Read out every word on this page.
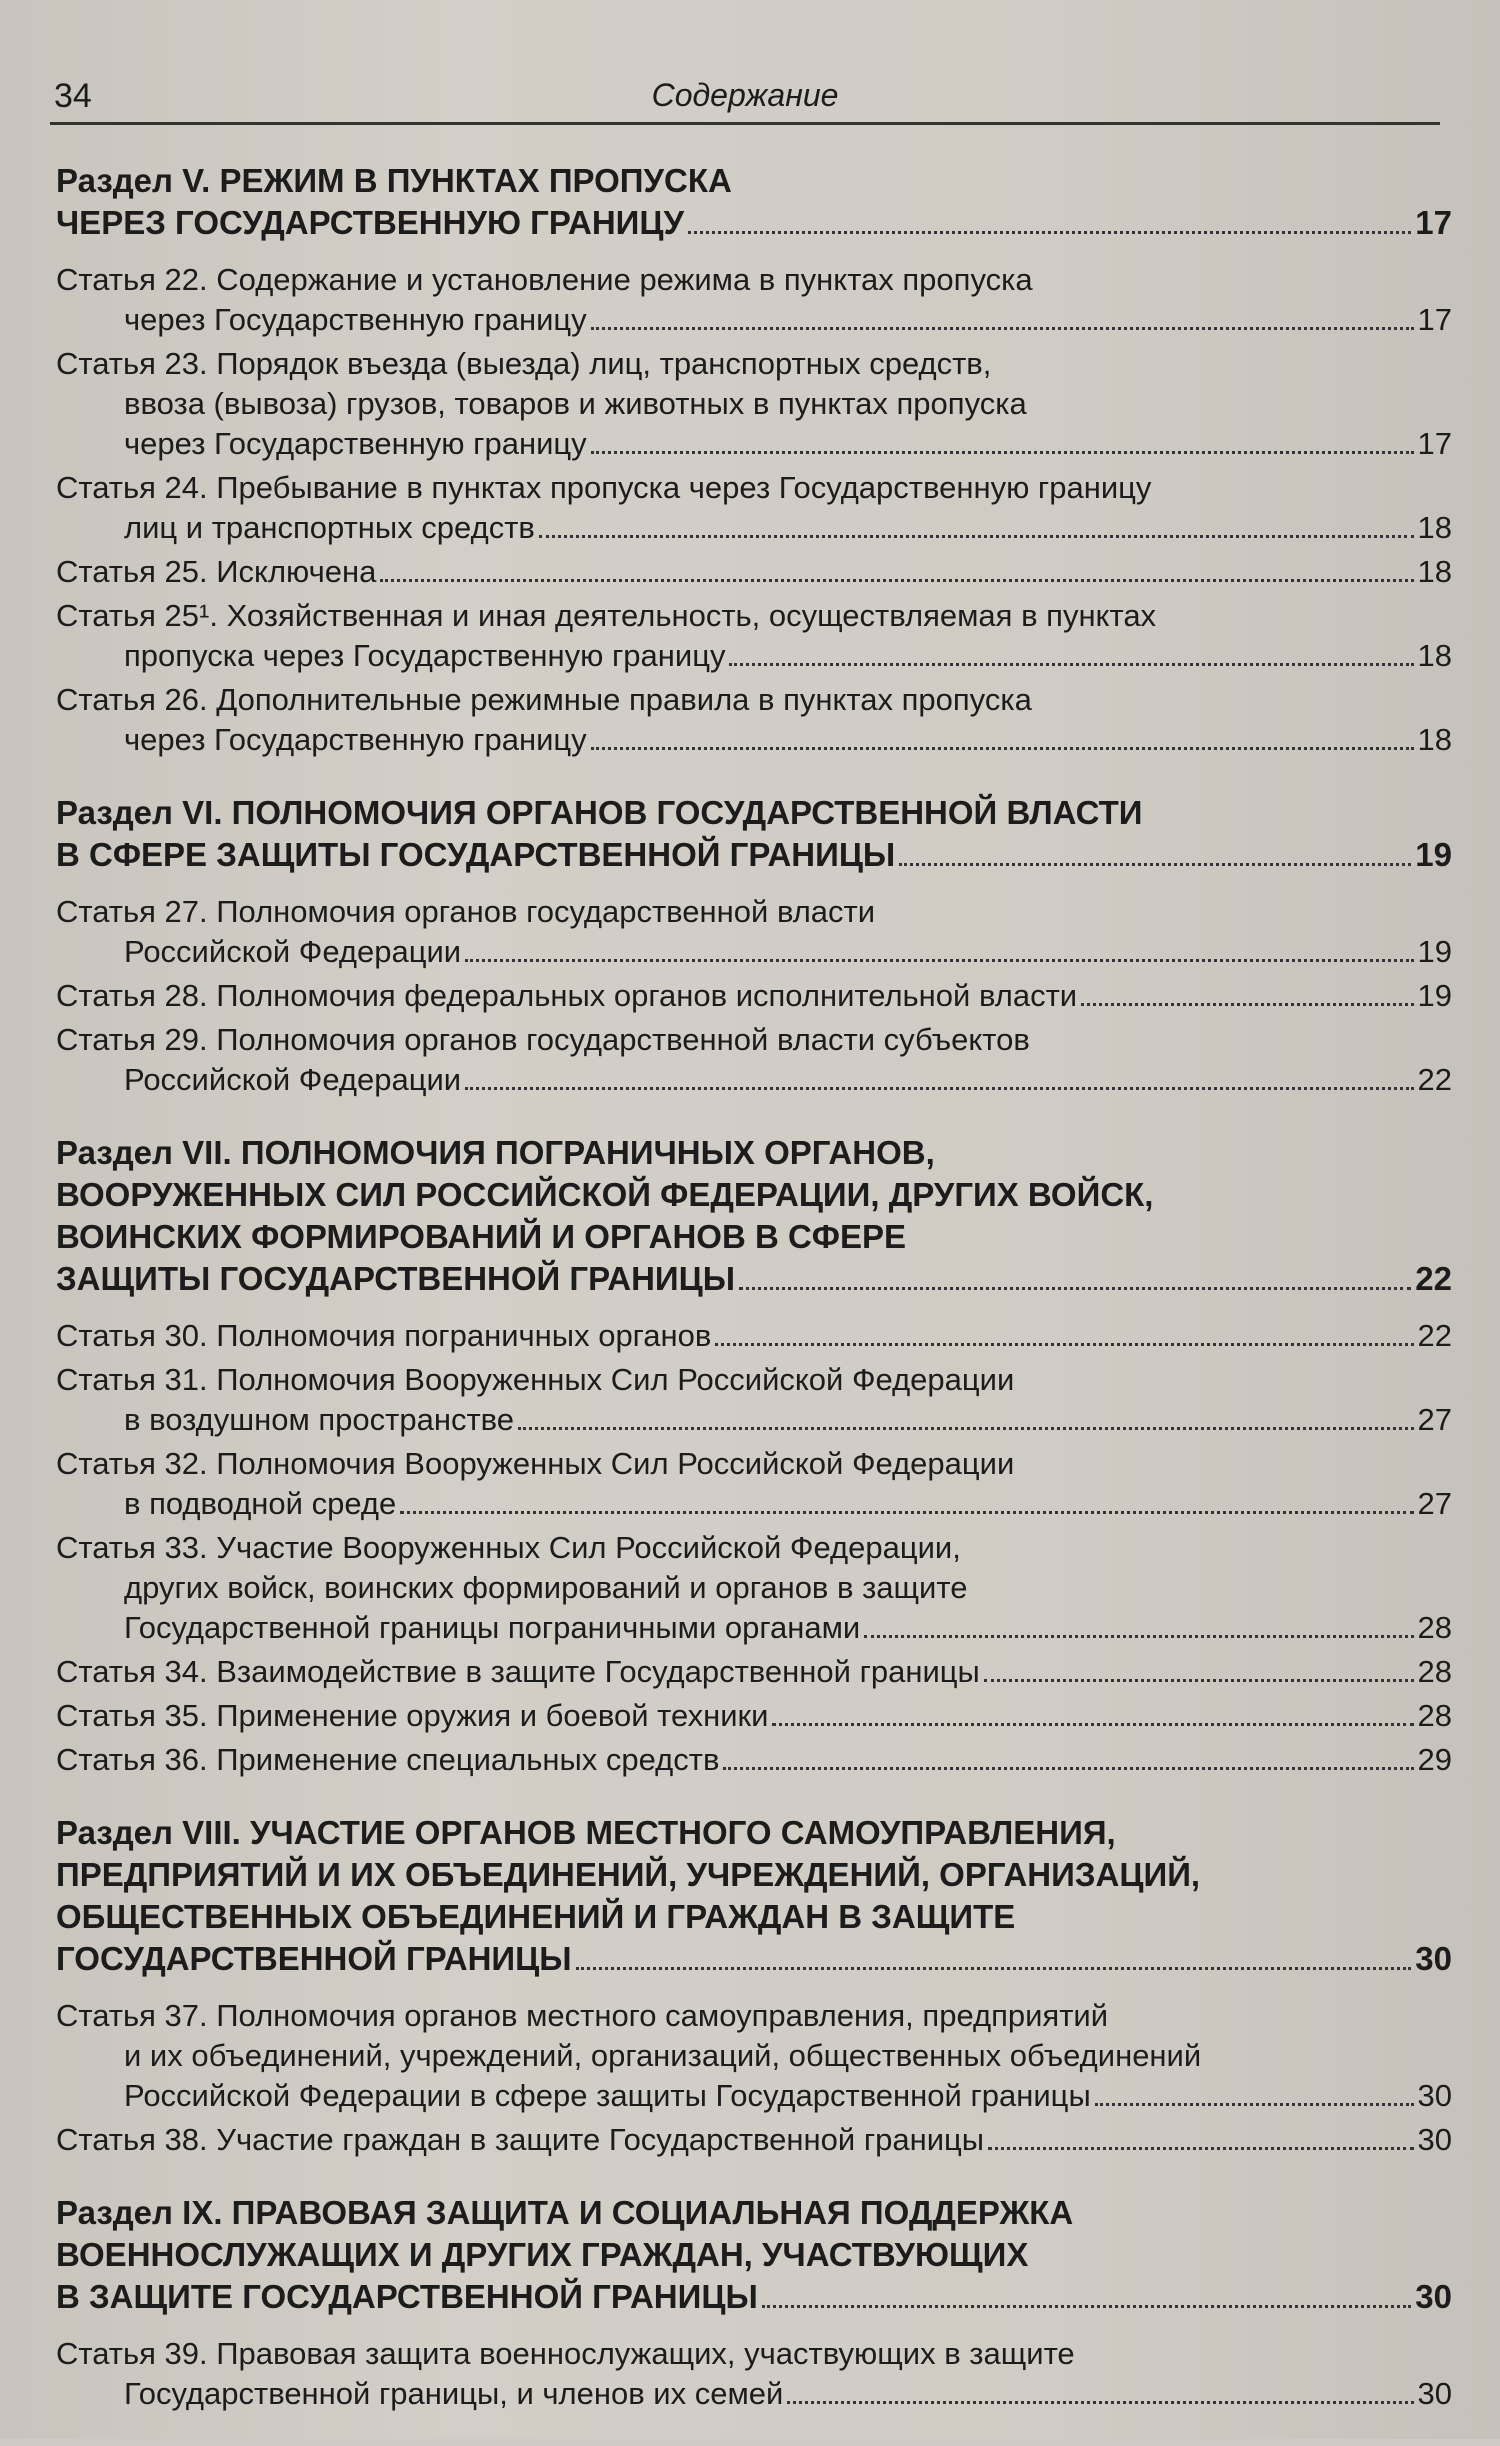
34	Содержание
Раздел V. РЕЖИМ В ПУНКТАХ ПРОПУСКА
ЧЕРЕЗ ГОСУДАРСТВЕННУЮ ГРАНИЦУ	17
Статья 22. Содержание и установление режима в пунктах пропуска
через Государственную границу	17
Статья 23. Порядок въезда (выезда) лиц, транспортных средств,
ввоза (вывоза) грузов, товаров и животных в пунктах пропуска
через Государственную границу	17
Статья 24. Пребывание в пунктах пропуска через Государственную границу
лиц и транспортных средств	18
Статья 25. Исключена	18
Статья 25¹. Хозяйственная и иная деятельность, осуществляемая в пунктах
пропуска через Государственную границу	18
Статья 26. Дополнительные режимные правила в пунктах пропуска
через Государственную границу	18
Раздел VI. ПОЛНОМОЧИЯ ОРГАНОВ ГОСУДАРСТВЕННОЙ ВЛАСТИ
В СФЕРЕ ЗАЩИТЫ ГОСУДАРСТВЕННОЙ ГРАНИЦЫ	19
Статья 27. Полномочия органов государственной власти
Российской Федерации	19
Статья 28. Полномочия федеральных органов исполнительной власти	19
Статья 29. Полномочия органов государственной власти субъектов
Российской Федерации	22
Раздел VII. ПОЛНОМОЧИЯ ПОГРАНИЧНЫХ ОРГАНОВ,
ВООРУЖЕННЫХ СИЛ РОССИЙСКОЙ ФЕДЕРАЦИИ, ДРУГИХ ВОЙСК,
ВОИНСКИХ ФОРМИРОВАНИЙ И ОРГАНОВ В СФЕРЕ
ЗАЩИТЫ ГОСУДАРСТВЕННОЙ ГРАНИЦЫ	22
Статья 30. Полномочия пограничных органов	22
Статья 31. Полномочия Вооруженных Сил Российской Федерации
в воздушном пространстве	27
Статья 32. Полномочия Вооруженных Сил Российской Федерации
в подводной среде	27
Статья 33. Участие Вооруженных Сил Российской Федерации,
других войск, воинских формирований и органов в защите
Государственной границы пограничными органами	28
Статья 34. Взаимодействие в защите Государственной границы	28
Статья 35. Применение оружия и боевой техники	28
Статья 36. Применение специальных средств	29
Раздел VIII. УЧАСТИЕ ОРГАНОВ МЕСТНОГО САМОУПРАВЛЕНИЯ,
ПРЕДПРИЯТИЙ И ИХ ОБЪЕДИНЕНИЙ, УЧРЕЖДЕНИЙ, ОРГАНИЗАЦИЙ,
ОБЩЕСТВЕННЫХ ОБЪЕДИНЕНИЙ И ГРАЖДАН В ЗАЩИТЕ
ГОСУДАРСТВЕННОЙ ГРАНИЦЫ	30
Статья 37. Полномочия органов местного самоуправления, предприятий
и их объединений, учреждений, организаций, общественных объединений
Российской Федерации в сфере защиты Государственной границы	30
Статья 38. Участие граждан в защите Государственной границы	30
Раздел IX. ПРАВОВАЯ ЗАЩИТА И СОЦИАЛЬНАЯ ПОДДЕРЖКА
ВОЕННОСЛУЖАЩИХ И ДРУГИХ ГРАЖДАН, УЧАСТВУЮЩИХ
В ЗАЩИТЕ ГОСУДАРСТВЕННОЙ ГРАНИЦЫ	30
Статья 39. Правовая защита военнослужащих, участвующих в защите
Государственной границы, и членов их семей	30
